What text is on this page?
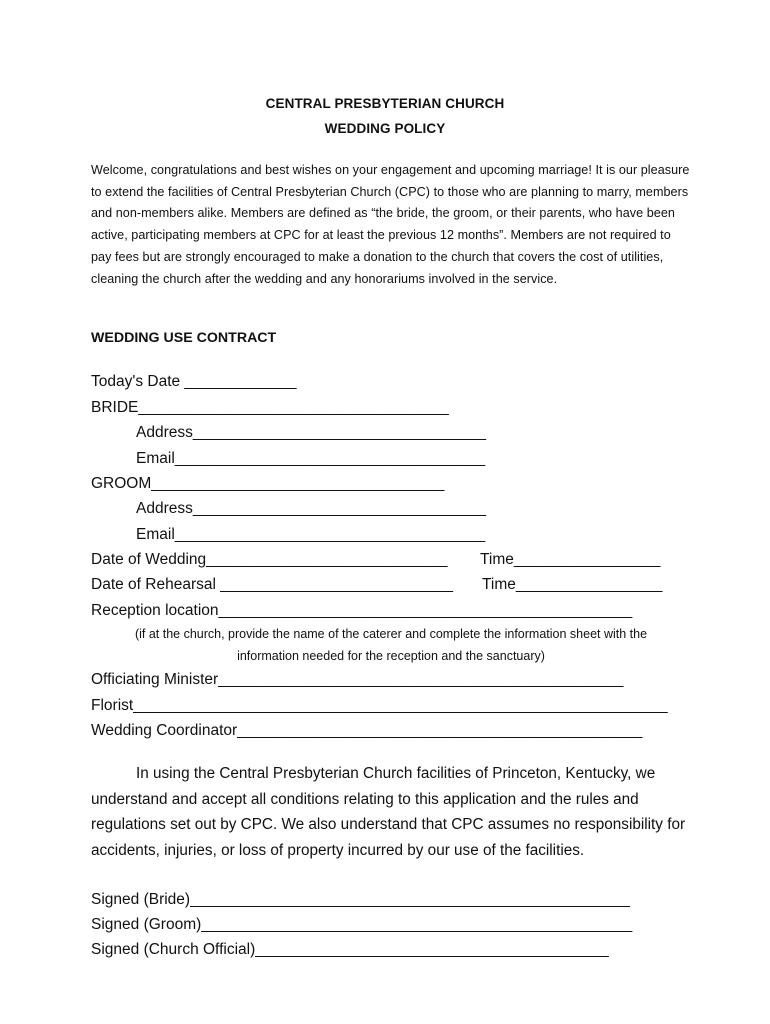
CENTRAL PRESBYTERIAN CHURCH
WEDDING POLICY

Welcome, congratulations and best wishes on your engagement and upcoming marriage! It is our pleasure to extend the facilities of Central Presbyterian Church (CPC) to those who are planning to marry, members and non-members alike. Members are defined as “the bride, the groom, or their parents, who have been active, participating members at CPC for at least the previous 12 months”. Members are not required to pay fees but are strongly encouraged to make a donation to the church that covers the cost of utilities, cleaning the church after the wedding and any honorariums involved in the service.

WEDDING USE CONTRACT
Today's Date _____________
BRIDE____________________________________
Address__________________________________
Email____________________________________
GROOM__________________________________
Address__________________________________
Email____________________________________
Date of Wedding____________________________ Time_________________
Date of Rehearsal ___________________________ Time_________________
Reception location________________________________________________
(if at the church, provide the name of the caterer and complete the information sheet with the
information needed for the reception and the sanctuary)
Officiating Minister_______________________________________________
Florist______________________________________________________________
Wedding Coordinator_______________________________________________

In using the Central Presbyterian Church facilities of Princeton, Kentucky, we understand and accept all conditions relating to this application and the rules and regulations set out by CPC. We also understand that CPC assumes no responsibility for accidents, injuries, or loss of property incurred by our use of the facilities.

Signed (Bride)___________________________________________________
Signed (Groom)__________________________________________________
Signed (Church Official)_________________________________________
